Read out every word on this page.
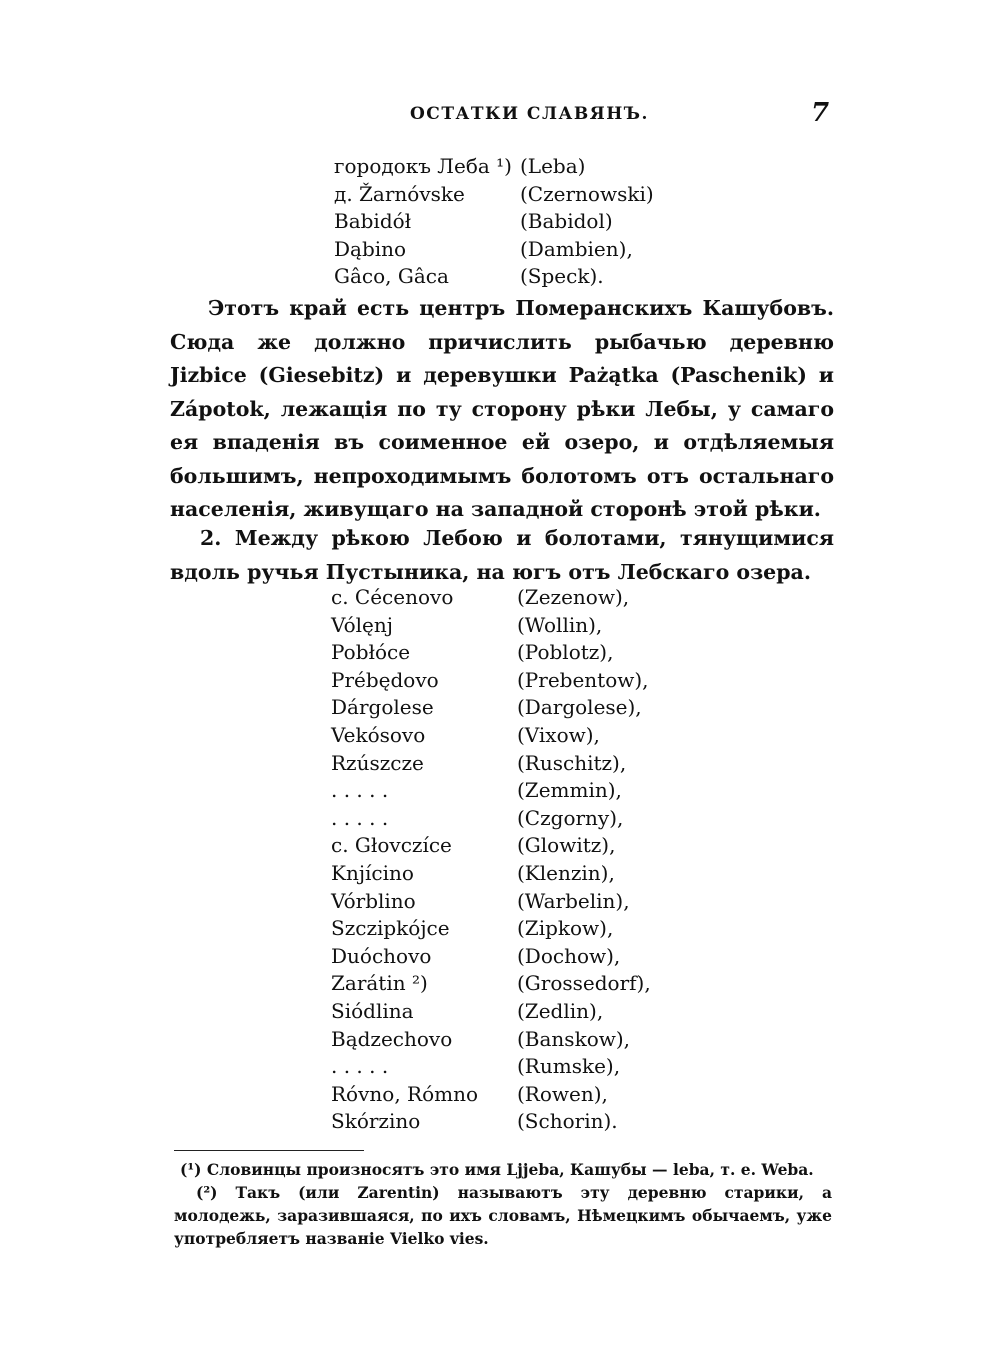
ОСТАТКИ СЛАВЯНЪ.	7
городокъ Леба ¹) (Leba)
д. Žarnóvske	(Czernowski)
Babidół	(Babidol)
Dąbino	(Dambien),
Gâco, Gâca	(Speck).
Этотъ край есть центръ Померанскихъ Кашубовъ. Сюда же должно причислить рыбачью деревню Jizbice (Giesebitz) и деревушки Pażątka (Paschenik) и Zápotok, лежащія по ту сторону рѣки Лебы, у самаго ея впаденія въ соименное ей озеро, и отдѣляемыя большимъ, непроходимымъ болотомъ отъ остальнаго населенія, живущаго на западной сторонѣ этой рѣки.
2. Между рѣкою Лебою и болотами, тянущимися вдоль ручья Пустыника, на югъ отъ Лебскаго озера.
с. Cécenovo	(Zezenow),
Vólęnj	(Wollin),
Pobłóce	(Poblotz),
Prébędovo	(Prebentow),
Dárgolese	(Dargolese),
Vekósovo	(Vixow),
Rzúszcze	(Ruschitz),
. . . . .	(Zemmin),
. . . . .	(Czgorny),
с. Głovczíce	(Glowitz),
Knjícino	(Klenzin),
Vórblino	(Warbelin),
Szczipkójce	(Zipkow),
Duóchovo	(Dochow),
Zarátin ²)	(Grossedorf),
Siódlina	(Zedlin),
Bądzechovo	(Banskow),
. . . . .	(Rumske),
Róvno, Rómno	(Rowen),
Skórzino	(Schorin).
(¹) Словинцы произносятъ это имя Ljjeba, Кашубы — leba, т. е. Weba.
(²) Такъ (или Zarentin) называютъ эту деревню старики, а молодежь, заразившаяся, по ихъ словамъ, Нѣмецкимъ обычаемъ, уже употребляетъ названіе Vielko vies.
